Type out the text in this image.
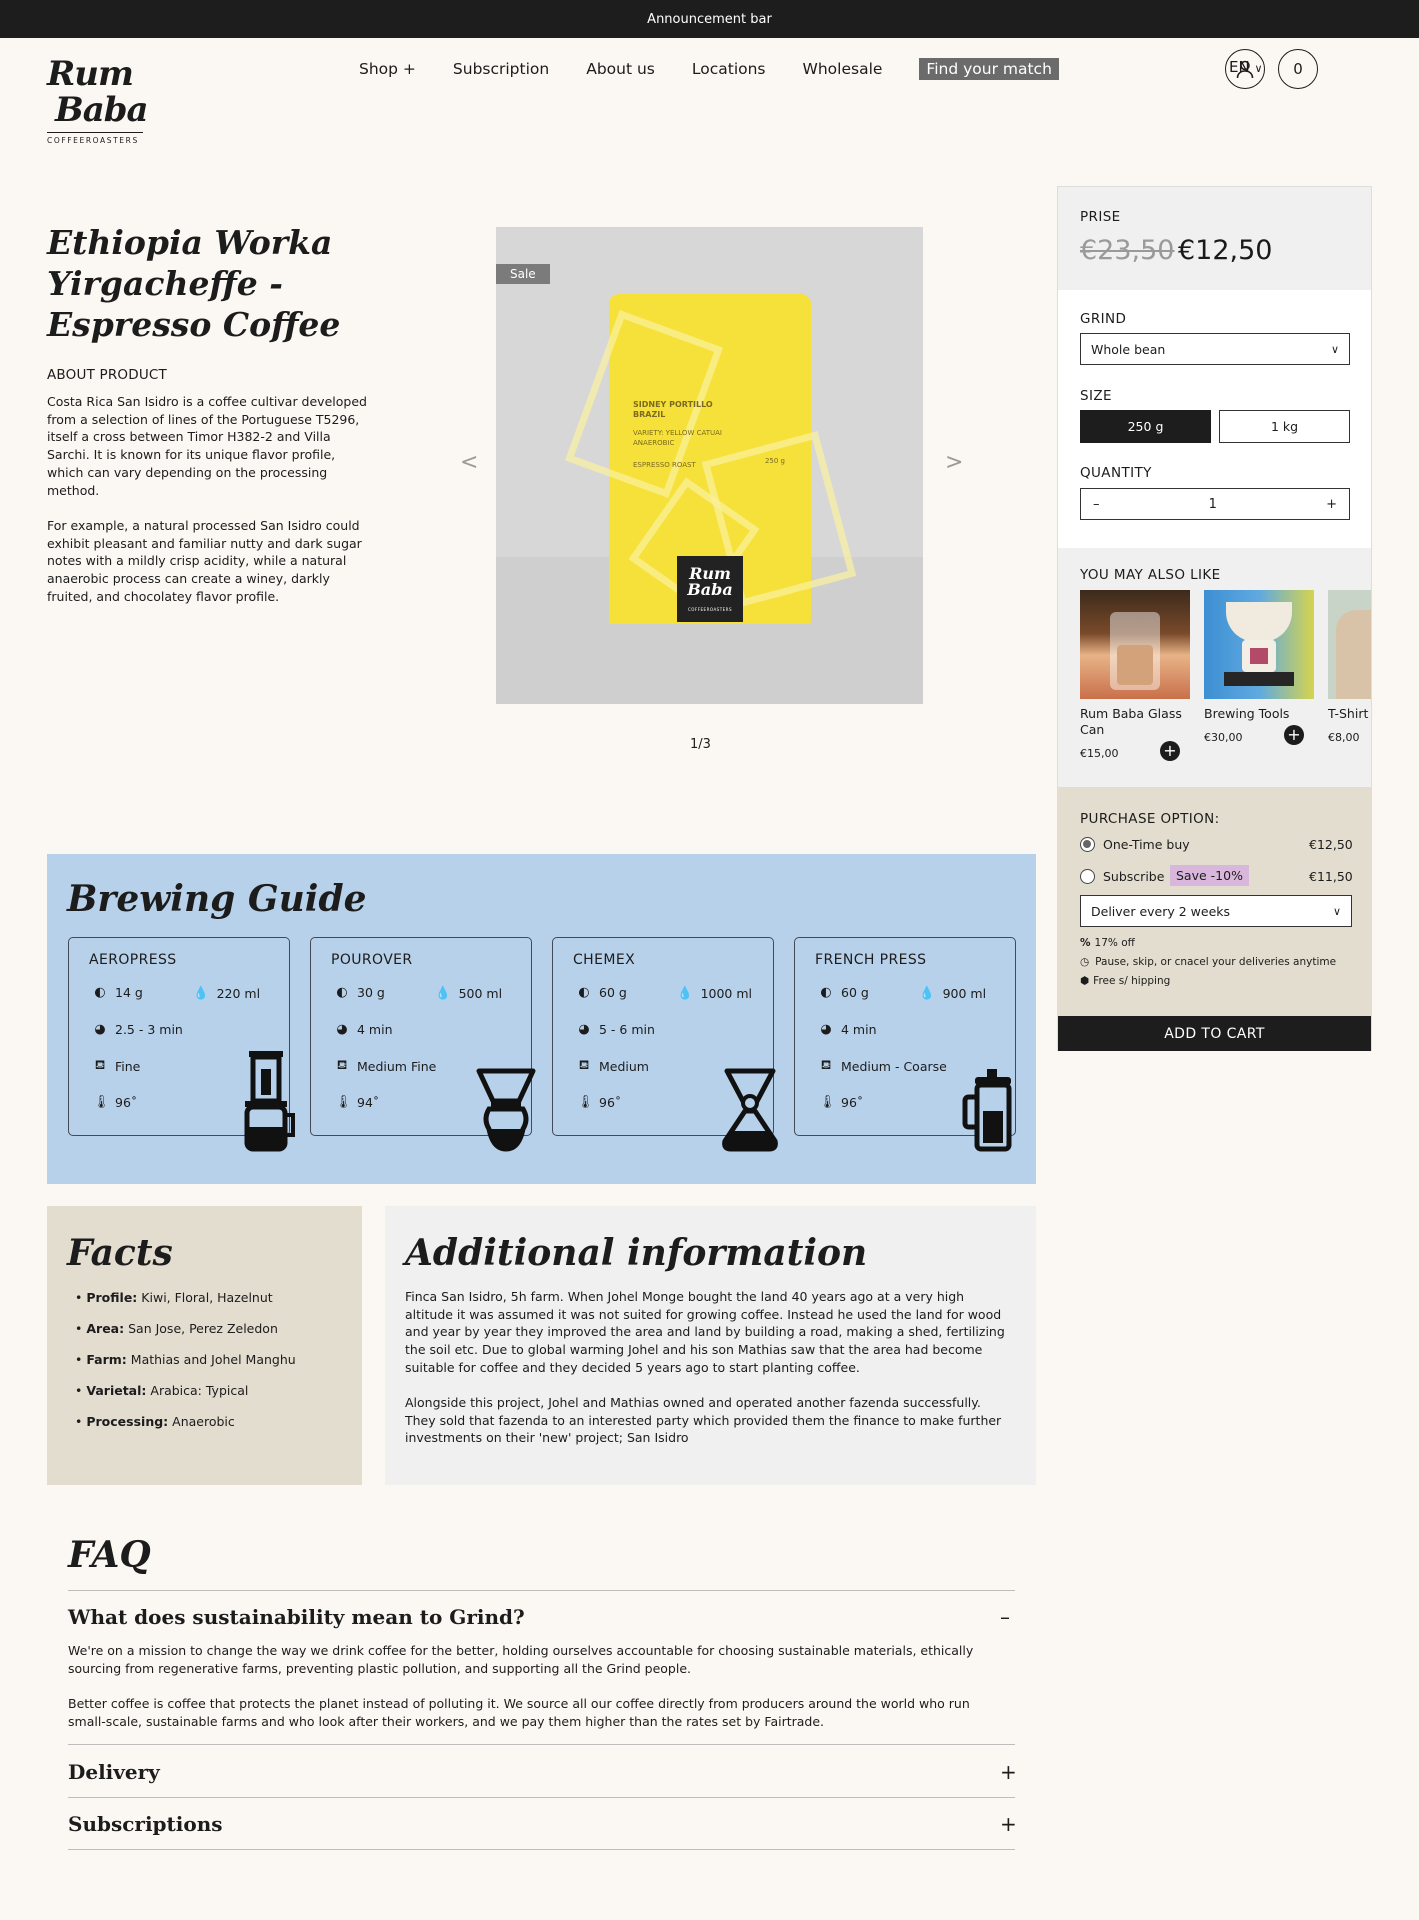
Announcement bar
Rum
Baba
COFFEEROASTERS
Shop + Subscription About us Locations Wholesale	Find your match	0
EN ∨
Ethiopia Worka Yirgacheffe - Espresso Coffee
ABOUT PRODUCT

Costa Rica San Isidro is a coffee cultivar developed from a selection of lines of the Portuguese T5296, itself a cross between Timor H382-2 and Villa Sarchi. It is known for its unique flavor profile, which can vary depending on the processing method.

For example, a natural processed San Isidro could exhibit pleasant and familiar nutty and dark sugar notes with a mildly crisp acidity, while a natural anaerobic process can create a winey, darkly fruited, and chocolatey flavor profile.

<
Sale
SIDNEY PORTILLO BRAZIL
VARIETY: YELLOW CATUAI ANAEROBIC
ESPRESSO ROAST	250 g
Rum
Baba
COFFEEROASTERS
>
1/3
PRISE
€23,50 €12,50
GRIND
Whole bean	∨
SIZE
250 g	1 kg
QUANTITY
–	1	+
YOU MAY ALSO LIKE
Rum Baba Glass Can
€15,00	+
Brewing Tools
€30,00	+
T-Shirt
€8,00
PURCHASE OPTION:
One-Time buy	€12,50
Subscribe Save -10%	€11,50
Deliver every 2 weeks	∨
% 17% off
◷ Pause, skip, or cnacel your deliveries anytime
⬢ Free s/ hipping
ADD TO CART
Brewing Guide
AEROPRESS
◐ 14 g	💧 220 ml
◕ 2.5 - 3 min
⛾ Fine
🌡 96˚
POUROVER
◐ 30 g	💧 500 ml
◕ 4 min
⛾ Medium Fine
🌡 94˚
CHEMEX
◐ 60 g	💧 1000 ml
◕ 5 - 6 min
⛾ Medium
🌡 96˚
FRENCH PRESS
◐ 60 g	💧 900 ml
◕ 4 min
⛾ Medium - Coarse
🌡 96˚
Facts
• Profile: Kiwi, Floral, Hazelnut
• Area: San Jose, Perez Zeledon
• Farm: Mathias and Johel Manghu
• Varietal: Arabica: Typical
• Processing: Anaerobic
Additional information

Finca San Isidro, 5h farm. When Johel Monge bought the land 40 years ago at a very high altitude it was assumed it was not suited for growing coffee. Instead he used the land for wood and year by year they improved the area and land by building a road, making a shed, fertilizing the soil etc. Due to global warming Johel and his son Mathias saw that the area had become suitable for coffee and they decided 5 years ago to start planting coffee.

Alongside this project, Johel and Mathias owned and operated another fazenda successfully. They sold that fazenda to an interested party which provided them the finance to make further investments on their 'new' project; San Isidro

FAQ
What does sustainability mean to Grind?	–

We're on a mission to change the way we drink coffee for the better, holding ourselves accountable for choosing sustainable materials, ethically sourcing from regenerative farms, preventing plastic pollution, and supporting all the Grind people.

Better coffee is coffee that protects the planet instead of polluting it. We source all our coffee directly from producers around the world who run small-scale, sustainable farms and who look after their workers, and we pay them higher than the rates set by Fairtrade.

Delivery	+
Subscriptions	+
